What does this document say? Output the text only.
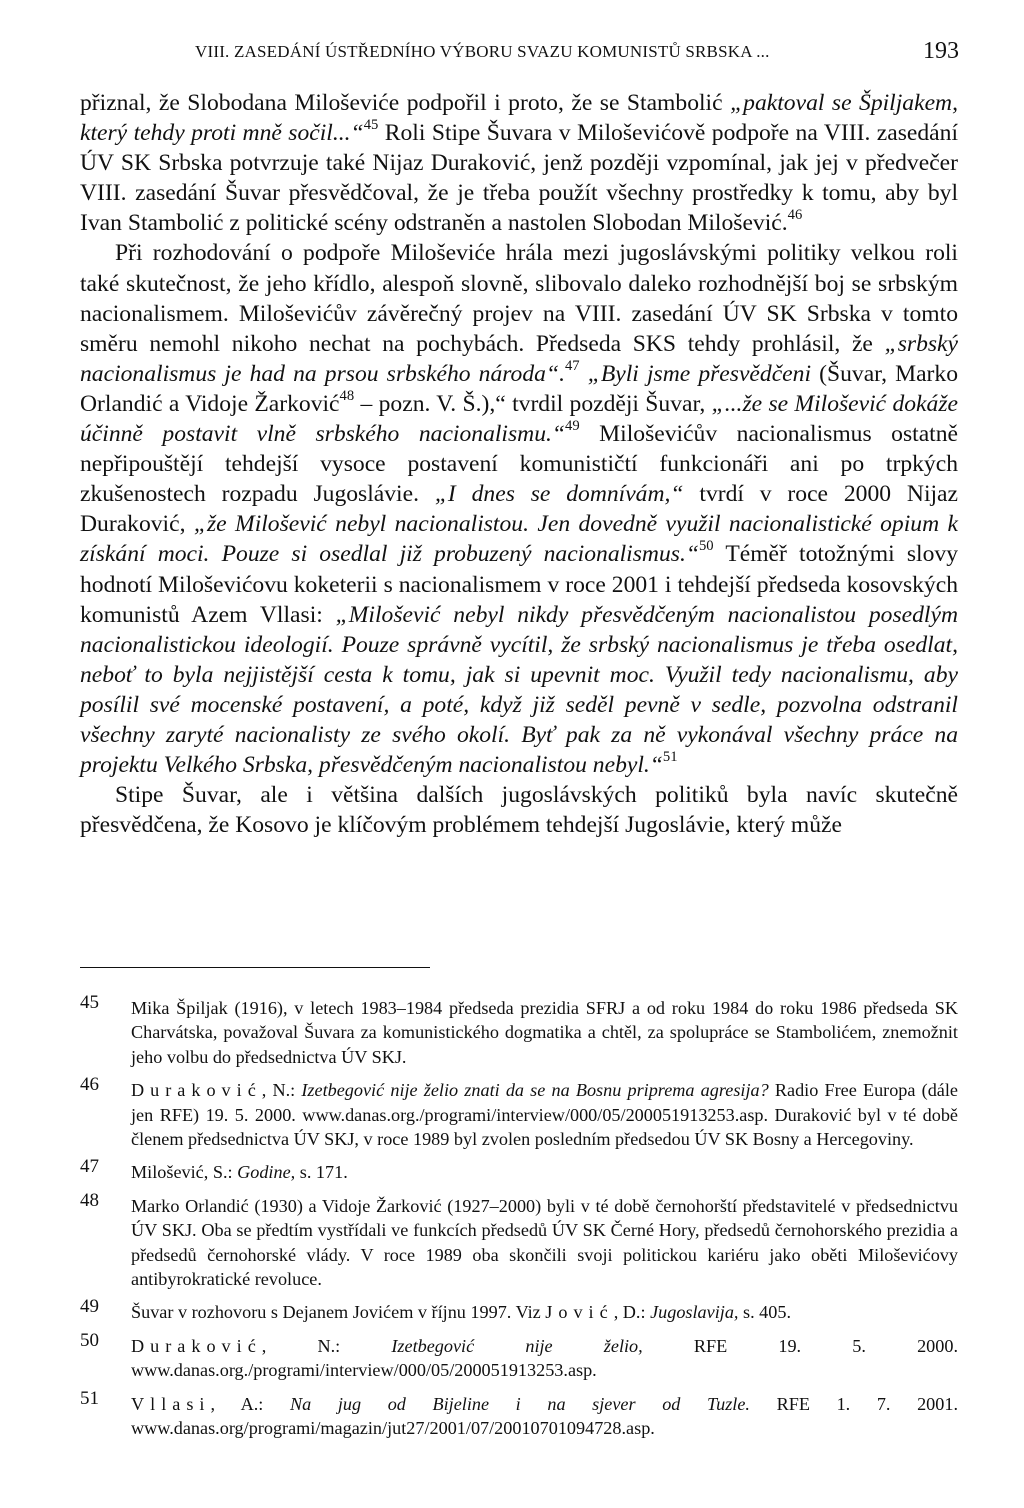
VIII. ZASEDÁNÍ ÚSTŘEDNÍHO VÝBORU SVAZU KOMUNISTŮ SRBSKA ...	193

přiznal, že Slobodana Miloševiće podpořil i proto, že se Stambolić „paktoval se Špiljakem, který tehdy proti mně sočil...“$^{45}$ Roli Stipe Šuvara v Miloševićově podpoře na VIII. zasedání ÚV SK Srbska potvrzuje také Nijaz Duraković, jenž později vzpomínal, jak jej v předvečer VIII. zasedání Šuvar přesvědčoval, že je třeba použít všechny prostředky k tomu, aby byl Ivan Stambolić z politické scény odstraněn a nastolen Slobodan Milošević.$^{46}$

Při rozhodování o podpoře Miloševiće hrála mezi jugoslávskými politiky velkou roli také skutečnost, že jeho křídlo, alespoň slovně, slibovalo daleko rozhodnější boj se srbským nacionalismem. Miloševićův závěrečný projev na VIII. zasedání ÚV SK Srbska v tomto směru nemohl nikoho nechat na pochybách. Předseda SKS tehdy prohlásil, že „srbský nacionalismus je had na prsou srbského národa“.$^{47}$ „Byli jsme přesvědčeni (Šuvar, Marko Orlandić a Vidoje Žarković$^{48}$ – pozn. V. Š.),“ tvrdil později Šuvar, „...že se Milošević dokáže účinně postavit vlně srbského nacionalismu.“$^{49}$ Miloševićův nacionalismus ostatně nepřipouštějí tehdejší vysoce postavení komunističtí funkcionáři ani po trpkých zkušenostech rozpadu Jugoslávie. „I dnes se domnívám,“ tvrdí v roce 2000 Nijaz Duraković, „že Milošević nebyl nacionalistou. Jen dovedně využil nacionalistické opium k získání moci. Pouze si osedlal již probuzený nacionalismus.“$^{50}$ Téměř totožnými slovy hodnotí Miloševićovu koketerii s nacionalismem v roce 2001 i tehdejší předseda kosovských komunistů Azem Vllasi: „Milošević nebyl nikdy přesvědčeným nacionalistou posedlým nacionalistickou ideologií. Pouze správně vycítil, že srbský nacionalismus je třeba osedlat, neboť to byla nejjistější cesta k tomu, jak si upevnit moc. Využil tedy nacionalismu, aby posílil své mocenské postavení, a poté, když již seděl pevně v sedle, pozvolna odstranil všechny zaryté nacionalisty ze svého okolí. Byť pak za ně vykonával všechny práce na projektu Velkého Srbska, přesvědčeným nacionalistou nebyl.“$^{51}$

Stipe Šuvar, ale i většina dalších jugoslávských politiků byla navíc skutečně přesvědčena, že Kosovo je klíčovým problémem tehdejší Jugoslávie, který může

45 Mika Špiljak (1916), v letech 1983–1984 předseda prezidia SFRJ a od roku 1984 do roku 1986 předseda SK Charvátska, považoval Šuvara za komunistického dogmatika a chtěl, za spolupráce se Stambolićem, znemožnit jeho volbu do předsednictva ÚV SKJ.
46 Duraković, N.: Izetbegović nije želio znati da se na Bosnu priprema agresija? Radio Free Europa (dále jen RFE) 19. 5. 2000. www.danas.org./programi/interview/000/05/200051913253.asp. Duraković byl v té době členem předsednictva ÚV SKJ, v roce 1989 byl zvolen posledním předsedou ÚV SK Bosny a Hercegoviny.
47 Milošević, S.: Godine, s. 171.
48 Marko Orlandić (1930) a Vidoje Žarković (1927–2000) byli v té době černohorští představitelé v předsednictvu ÚV SKJ. Oba se předtím vystřídali ve funkcích předsedů ÚV SK Černé Hory, předsedů černohorského prezidia a předsedů černohorské vlády. V roce 1989 oba skončili svoji politickou kariéru jako oběti Miloševićovy antibyrokratické revoluce.
49 Šuvar v rozhovoru s Dejanem Jovićem v říjnu 1997. Viz Jović, D.: Jugoslavija, s. 405.
50 Duraković, N.: Izetbegović nije želio, RFE 19. 5. 2000. www.danas.org./programi/interview/000/05/200051913253.asp.
51 Vllasi, A.: Na jug od Bijeline i na sjever od Tuzle. RFE 1. 7. 2001. www.danas.org/programi/magazin/jut27/2001/07/20010701094728.asp.
